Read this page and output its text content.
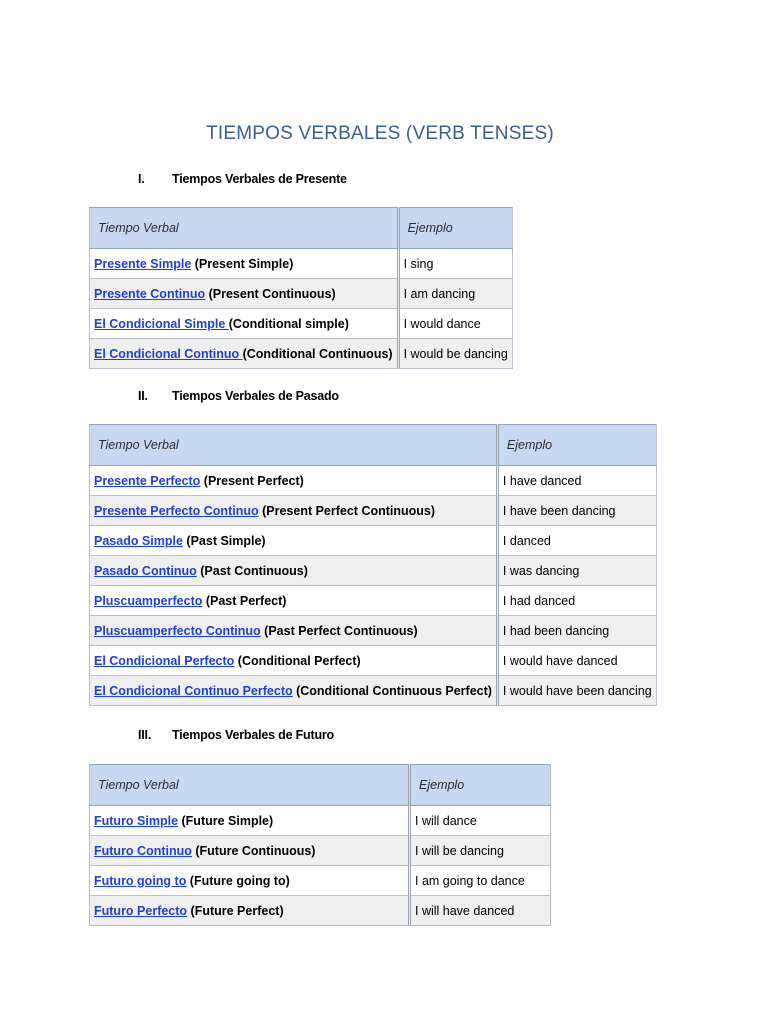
TIEMPOS VERBALES (VERB TENSES)
I. Tiempos Verbales de Presente
Tiempo Verbal	Ejemplo
Presente Simple (Present Simple)	I sing
Presente Continuo (Present Continuous)	I am dancing
El Condicional Simple (Conditional simple)	I would dance
El Condicional Continuo (Conditional Continuous)	I would be dancing
II. Tiempos Verbales de Pasado
Tiempo Verbal	Ejemplo
Presente Perfecto (Present Perfect)	I have danced
Presente Perfecto Continuo (Present Perfect Continuous)	I have been dancing
Pasado Simple (Past Simple)	I danced
Pasado Continuo (Past Continuous)	I was dancing
Pluscuamperfecto (Past Perfect)	I had danced
Pluscuamperfecto Continuo (Past Perfect Continuous)	I had been dancing
El Condicional Perfecto (Conditional Perfect)	I would have danced
El Condicional Continuo Perfecto (Conditional Continuous Perfect)	I would have been dancing
III. Tiempos Verbales de Futuro
Tiempo Verbal	Ejemplo
Futuro Simple (Future Simple)	I will dance
Futuro Continuo (Future Continuous)	I will be dancing
Futuro going to (Future going to)	I am going to dance
Futuro Perfecto (Future Perfect)	I will have danced
